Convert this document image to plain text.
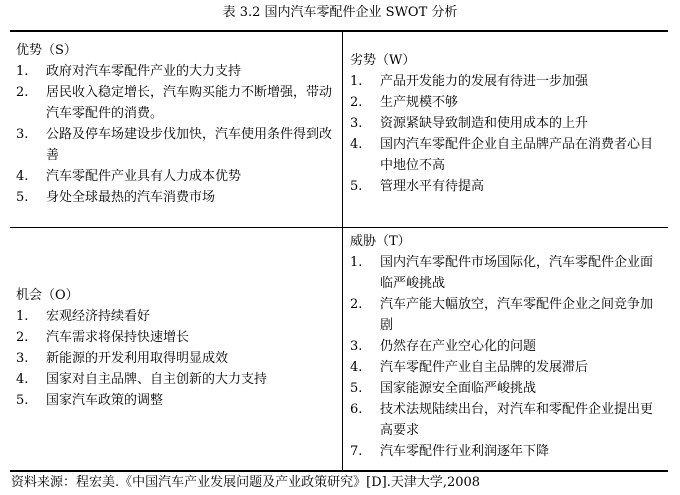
表 3.2 国内汽车零配件企业 SWOT 分析
优势（S）
1.	政府对汽车零配件产业的大力支持
2.	居民收入稳定增长，汽车购买能力不断增强，带动汽车零配件的消费。
3.	公路及停车场建设步伐加快，汽车使用条件得到改善
4.	汽车零配件产业具有人力成本优势
5.	身处全球最热的汽车消费市场
劣势（W）
1.	产品开发能力的发展有待进一步加强
2.	生产规模不够
3.	资源紧缺导致制造和使用成本的上升
4.	国内汽车零配件企业自主品牌产品在消费者心目中地位不高
5.	管理水平有待提高
机会（O）
1.	宏观经济持续看好
2.	汽车需求将保持快速增长
3.	新能源的开发利用取得明显成效
4.	国家对自主品牌、自主创新的大力支持
5.	国家汽车政策的调整
威胁（T）
1.	国内汽车零配件市场国际化，汽车零配件企业面临严峻挑战
2.	汽车产能大幅放空，汽车零配件企业之间竞争加剧
3.	仍然存在产业空心化的问题
4.	汽车零配件产业自主品牌的发展滞后
5.	国家能源安全面临严峻挑战
6.	技术法规陆续出台，对汽车和零配件企业提出更高要求
7.	汽车零配件行业利润逐年下降
资料来源：程宏美.《中国汽车产业发展问题及产业政策研究》[D].天津大学,2008
